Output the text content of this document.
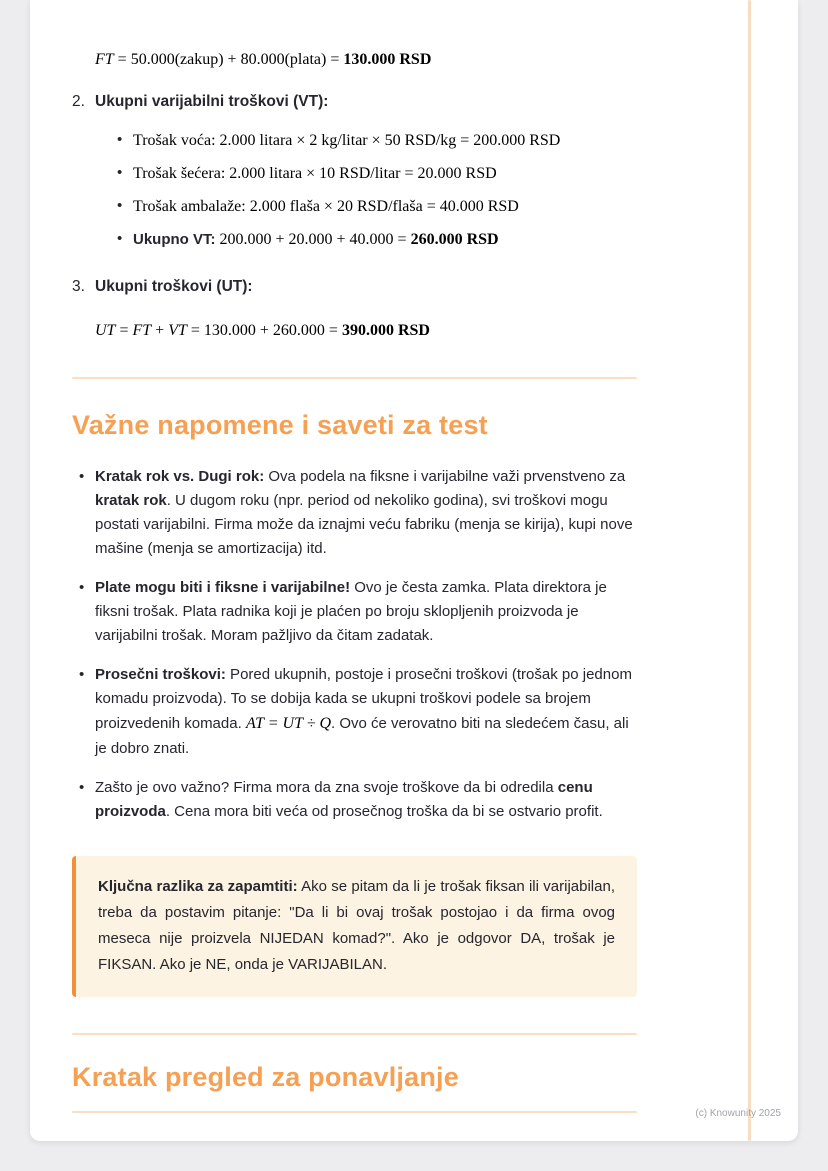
FT = 50.000(zakup) + 80.000(plata) = 130.000 RSD

2. Ukupni varijabilni troškovi (VT):
• Trošak voća: 2.000 litara × 2 kg/litar × 50 RSD/kg = 200.000 RSD
• Trošak šećera: 2.000 litara × 10 RSD/litar = 20.000 RSD
• Trošak ambalaže: 2.000 flaša × 20 RSD/flaša = 40.000 RSD
• Ukupno VT: 200.000 + 20.000 + 40.000 = 260.000 RSD
3. Ukupni troškovi (UT):

UT = FT + VT = 130.000 + 260.000 = 390.000 RSD

Važne napomene i saveti za test
• Kratak rok vs. Dugi rok: Ova podela na fiksne i varijabilne važi prvenstveno za kratak rok. U dugom roku (npr. period od nekoliko godina), svi troškovi mogu postati varijabilni. Firma može da iznajmi veću fabriku (menja se kirija), kupi nove mašine (menja se amortizacija) itd.
• Plate mogu biti i fiksne i varijabilne! Ovo je česta zamka. Plata direktora je fiksni trošak. Plata radnika koji je plaćen po broju sklopljenih proizvoda je varijabilni trošak. Moram pažljivo da čitam zadatak.
• Prosečni troškovi: Pored ukupnih, postoje i prosečni troškovi (trošak po jednom komadu proizvoda). To se dobija kada se ukupni troškovi podele sa brojem proizvedenih komada. AT = UT ÷ Q. Ovo će verovatno biti na sledećem času, ali je dobro znati.
• Zašto je ovo važno? Firma mora da zna svoje troškove da bi odredila cenu proizvoda. Cena mora biti veća od prosečnog troška da bi se ostvario profit.
Ključna razlika za zapamtiti: Ako se pitam da li je trošak fiksan ili varijabilan, treba da postavim pitanje: "Da li bi ovaj trošak postojao i da firma ovog meseca nije proizvela NIJEDAN komad?". Ako je odgovor DA, trošak je FIKSAN. Ako je NE, onda je VARIJABILAN.
Kratak pregled za ponavljanje
(c) Knowunity 2025
